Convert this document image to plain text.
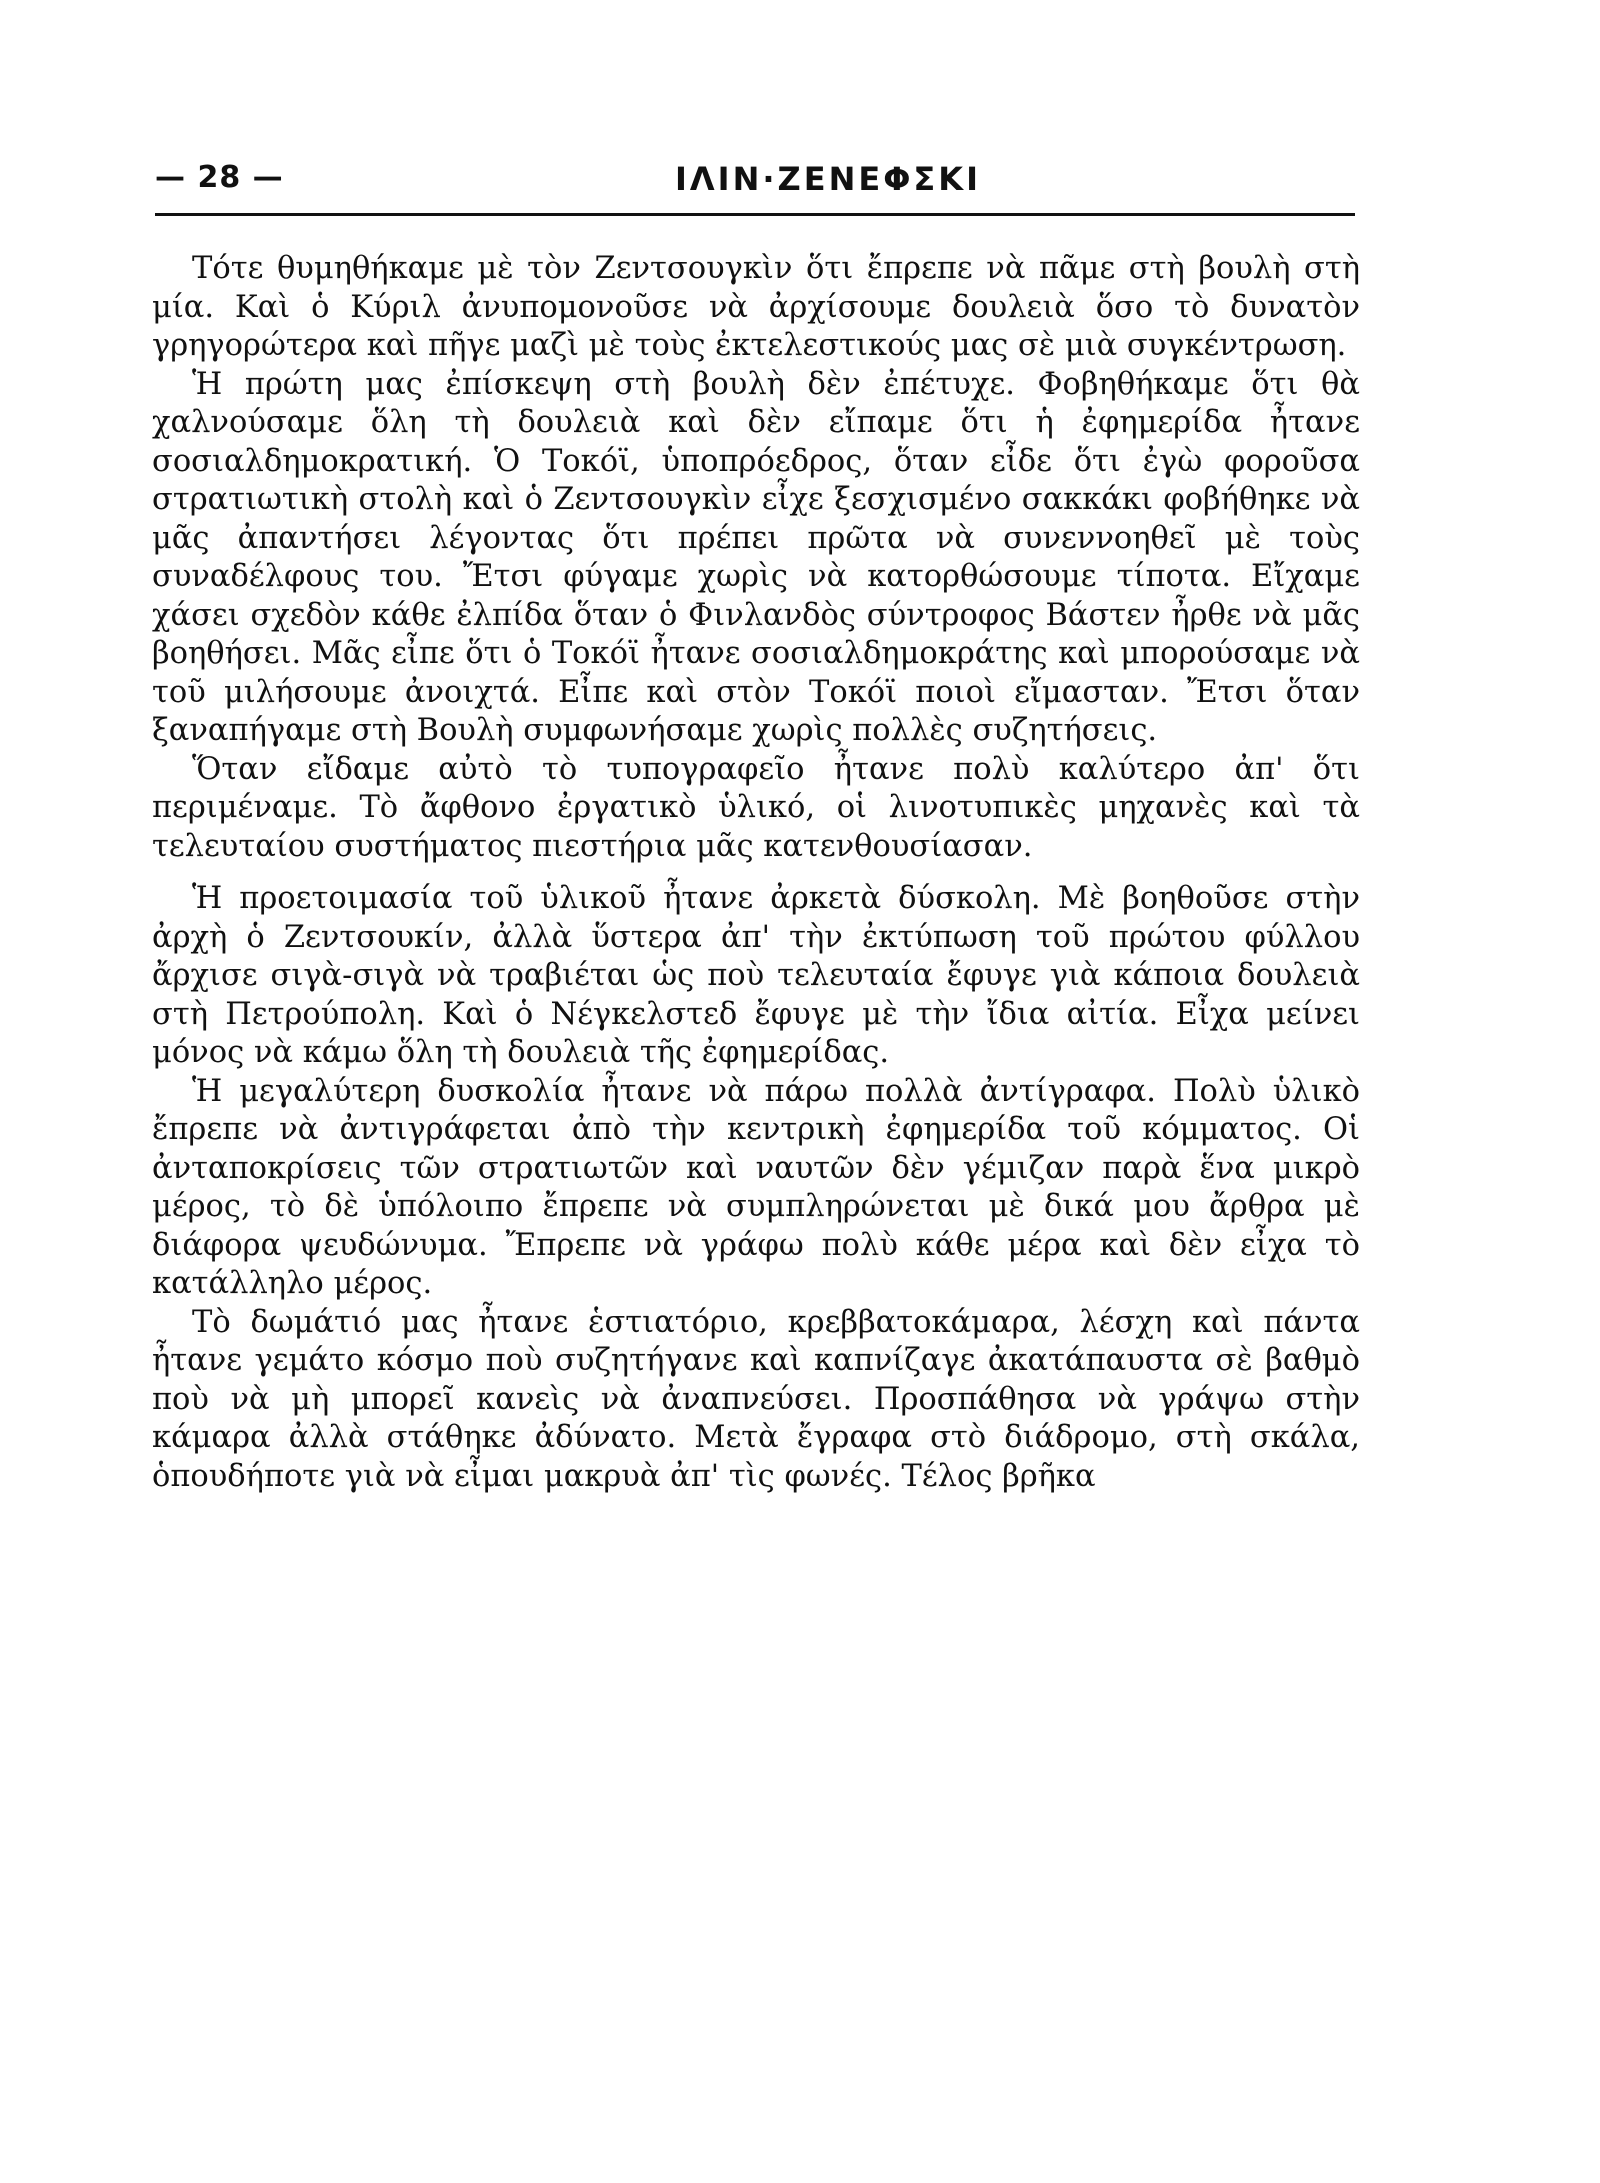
— 28 —	ΙΛΙΝ·ΖΕΝΕΦΣΚΙ

Τότε θυμηθήκαμε μὲ τὸν Ζεντσουγκὶν ὅτι ἔπρεπε νὰ πᾶμε στὴ βουλὴ στὴ μία. Καὶ ὁ Κύριλ ἀνυπομονοῦσε νὰ ἀρχίσουμε δουλειὰ ὅσο τὸ δυνατὸν γρηγορώτερα καὶ πῆγε μαζὶ μὲ τοὺς ἐκτελεστικούς μας σὲ μιὰ συγκέντρωση.

Ἡ πρώτη μας ἐπίσκεψη στὴ βουλὴ δὲν ἐπέτυχε. Φοβηθήκαμε ὅτι θὰ χαλνούσαμε ὅλη τὴ δουλειὰ καὶ δὲν εἴπαμε ὅτι ἡ ἐφημερίδα ἦτανε σοσιαλδημοκρατική. Ὁ Τοκόϊ, ὑποπρόεδρος, ὅταν εἶδε ὅτι ἐγὼ φοροῦσα στρατιωτικὴ στολὴ καὶ ὁ Ζεντσουγκὶν εἶχε ξεσχισμένο σακκάκι φοβήθηκε νὰ μᾶς ἀπαντήσει λέγοντας ὅτι πρέπει πρῶτα νὰ συνεννοηθεῖ μὲ τοὺς συναδέλφους του. Ἔτσι φύγαμε χωρὶς νὰ κατορθώσουμε τίποτα. Εἴχαμε χάσει σχεδὸν κάθε ἐλπίδα ὅταν ὁ Φινλανδὸς σύντροφος Βάστεν ἦρθε νὰ μᾶς βοηθήσει. Μᾶς εἶπε ὅτι ὁ Τοκόϊ ἦτανε σοσιαλδημοκράτης καὶ μπορούσαμε νὰ τοῦ μιλήσουμε ἀνοιχτά. Εἶπε καὶ στὸν Τοκόϊ ποιοὶ εἴμασταν. Ἔτσι ὅταν ξαναπήγαμε στὴ Βουλὴ συμφωνήσαμε χωρὶς πολλὲς συζητήσεις.

Ὅταν εἴδαμε αὐτὸ τὸ τυπογραφεῖο ἦτανε πολὺ καλύτερο ἀπ' ὅτι περιμέναμε. Τὸ ἄφθονο ἐργατικὸ ὑλικό, οἱ λινοτυπικὲς μηχανὲς καὶ τὰ τελευταίου συστήματος πιεστήρια μᾶς κατενθουσίασαν.

Ἡ προετοιμασία τοῦ ὑλικοῦ ἦτανε ἀρκετὰ δύσκολη. Μὲ βοηθοῦσε στὴν ἀρχὴ ὁ Ζεντσουκίν, ἀλλὰ ὕστερα ἀπ' τὴν ἐκτύπωση τοῦ πρώτου φύλλου ἄρχισε σιγὰ-σιγὰ νὰ τραβιέται ὡς ποὺ τελευταία ἔφυγε γιὰ κάποια δουλειὰ στὴ Πετρούπολη. Καὶ ὁ Νέγκελστεδ ἔφυγε μὲ τὴν ἴδια αἰτία. Εἶχα μείνει μόνος νὰ κάμω ὅλη τὴ δουλειὰ τῆς ἐφημερίδας.

Ἡ μεγαλύτερη δυσκολία ἦτανε νὰ πάρω πολλὰ ἀντίγραφα. Πολὺ ὑλικὸ ἔπρεπε νὰ ἀντιγράφεται ἀπὸ τὴν κεντρικὴ ἐφημερίδα τοῦ κόμματος. Οἱ ἀνταποκρίσεις τῶν στρατιωτῶν καὶ ναυτῶν δὲν γέμιζαν παρὰ ἕνα μικρὸ μέρος, τὸ δὲ ὑπόλοιπο ἔπρεπε νὰ συμπληρώνεται μὲ δικά μου ἄρθρα μὲ διάφορα ψευδώνυμα. Ἔπρεπε νὰ γράφω πολὺ κάθε μέρα καὶ δὲν εἶχα τὸ κατάλληλο μέρος.

Τὸ δωμάτιό μας ἦτανε ἑστιατόριο, κρεββατοκάμαρα, λέσχη καὶ πάντα ἦτανε γεμάτο κόσμο ποὺ συζητήγανε καὶ καπνίζαγε ἀκατάπαυστα σὲ βαθμὸ ποὺ νὰ μὴ μπορεῖ κανεὶς νὰ ἀναπνεύσει. Προσπάθησα νὰ γράψω στὴν κάμαρα ἀλλὰ στάθηκε ἀδύνατο. Μετὰ ἔγραφα στὸ διάδρομο, στὴ σκάλα, ὁπουδήποτε γιὰ νὰ εἶμαι μακρυὰ ἀπ' τὶς φωνές. Τέλος βρῆκα
